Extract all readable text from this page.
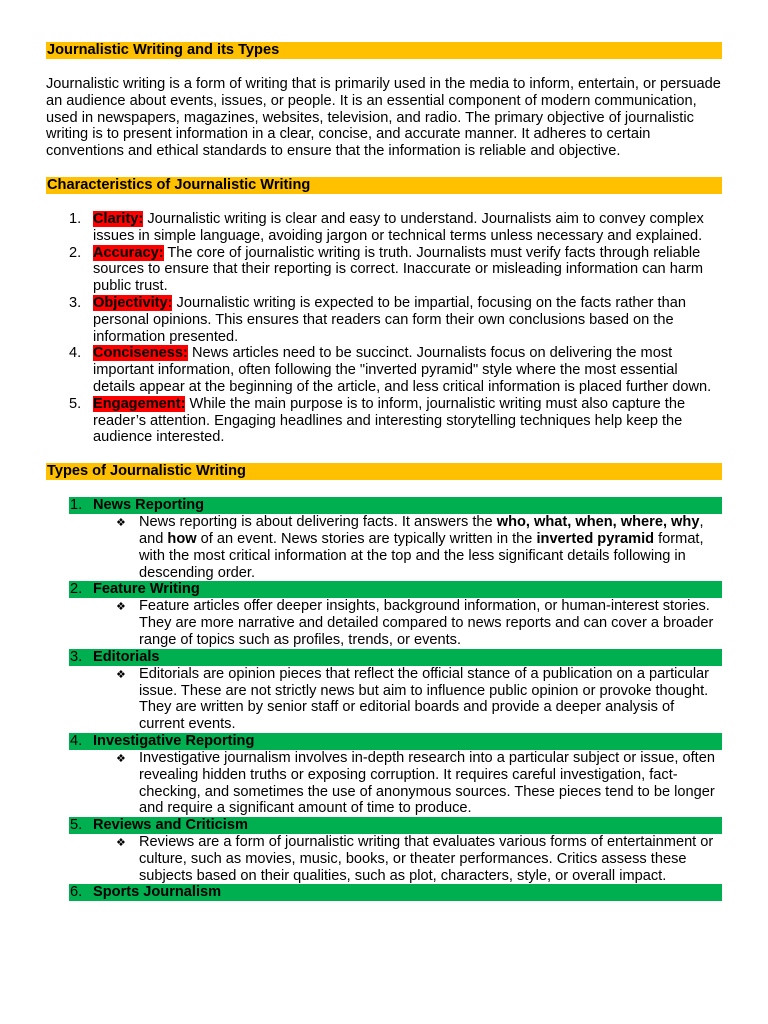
Journalistic Writing and its Types
Journalistic writing is a form of writing that is primarily used in the media to inform, entertain, or persuade an audience about events, issues, or people. It is an essential component of modern communication, used in newspapers, magazines, websites, television, and radio. The primary objective of journalistic writing is to present information in a clear, concise, and accurate manner. It adheres to certain conventions and ethical standards to ensure that the information is reliable and objective.
Characteristics of Journalistic Writing
1. Clarity: Journalistic writing is clear and easy to understand. Journalists aim to convey complex issues in simple language, avoiding jargon or technical terms unless necessary and explained.
2. Accuracy: The core of journalistic writing is truth. Journalists must verify facts through reliable sources to ensure that their reporting is correct. Inaccurate or misleading information can harm public trust.
3. Objectivity: Journalistic writing is expected to be impartial, focusing on the facts rather than personal opinions. This ensures that readers can form their own conclusions based on the information presented.
4. Conciseness: News articles need to be succinct. Journalists focus on delivering the most important information, often following the "inverted pyramid" style where the most essential details appear at the beginning of the article, and less critical information is placed further down.
5. Engagement: While the main purpose is to inform, journalistic writing must also capture the reader’s attention. Engaging headlines and interesting storytelling techniques help keep the audience interested.
Types of Journalistic Writing
1. News Reporting
❖ News reporting is about delivering facts. It answers the who, what, when, where, why, and how of an event. News stories are typically written in the inverted pyramid format, with the most critical information at the top and the less significant details following in descending order.
2. Feature Writing
❖ Feature articles offer deeper insights, background information, or human-interest stories. They are more narrative and detailed compared to news reports and can cover a broader range of topics such as profiles, trends, or events.
3. Editorials
❖ Editorials are opinion pieces that reflect the official stance of a publication on a particular issue. These are not strictly news but aim to influence public opinion or provoke thought. They are written by senior staff or editorial boards and provide a deeper analysis of current events.
4. Investigative Reporting
❖ Investigative journalism involves in-depth research into a particular subject or issue, often revealing hidden truths or exposing corruption. It requires careful investigation, fact-checking, and sometimes the use of anonymous sources. These pieces tend to be longer and require a significant amount of time to produce.
5. Reviews and Criticism
❖ Reviews are a form of journalistic writing that evaluates various forms of entertainment or culture, such as movies, music, books, or theater performances. Critics assess these subjects based on their qualities, such as plot, characters, style, or overall impact.
6. Sports Journalism
